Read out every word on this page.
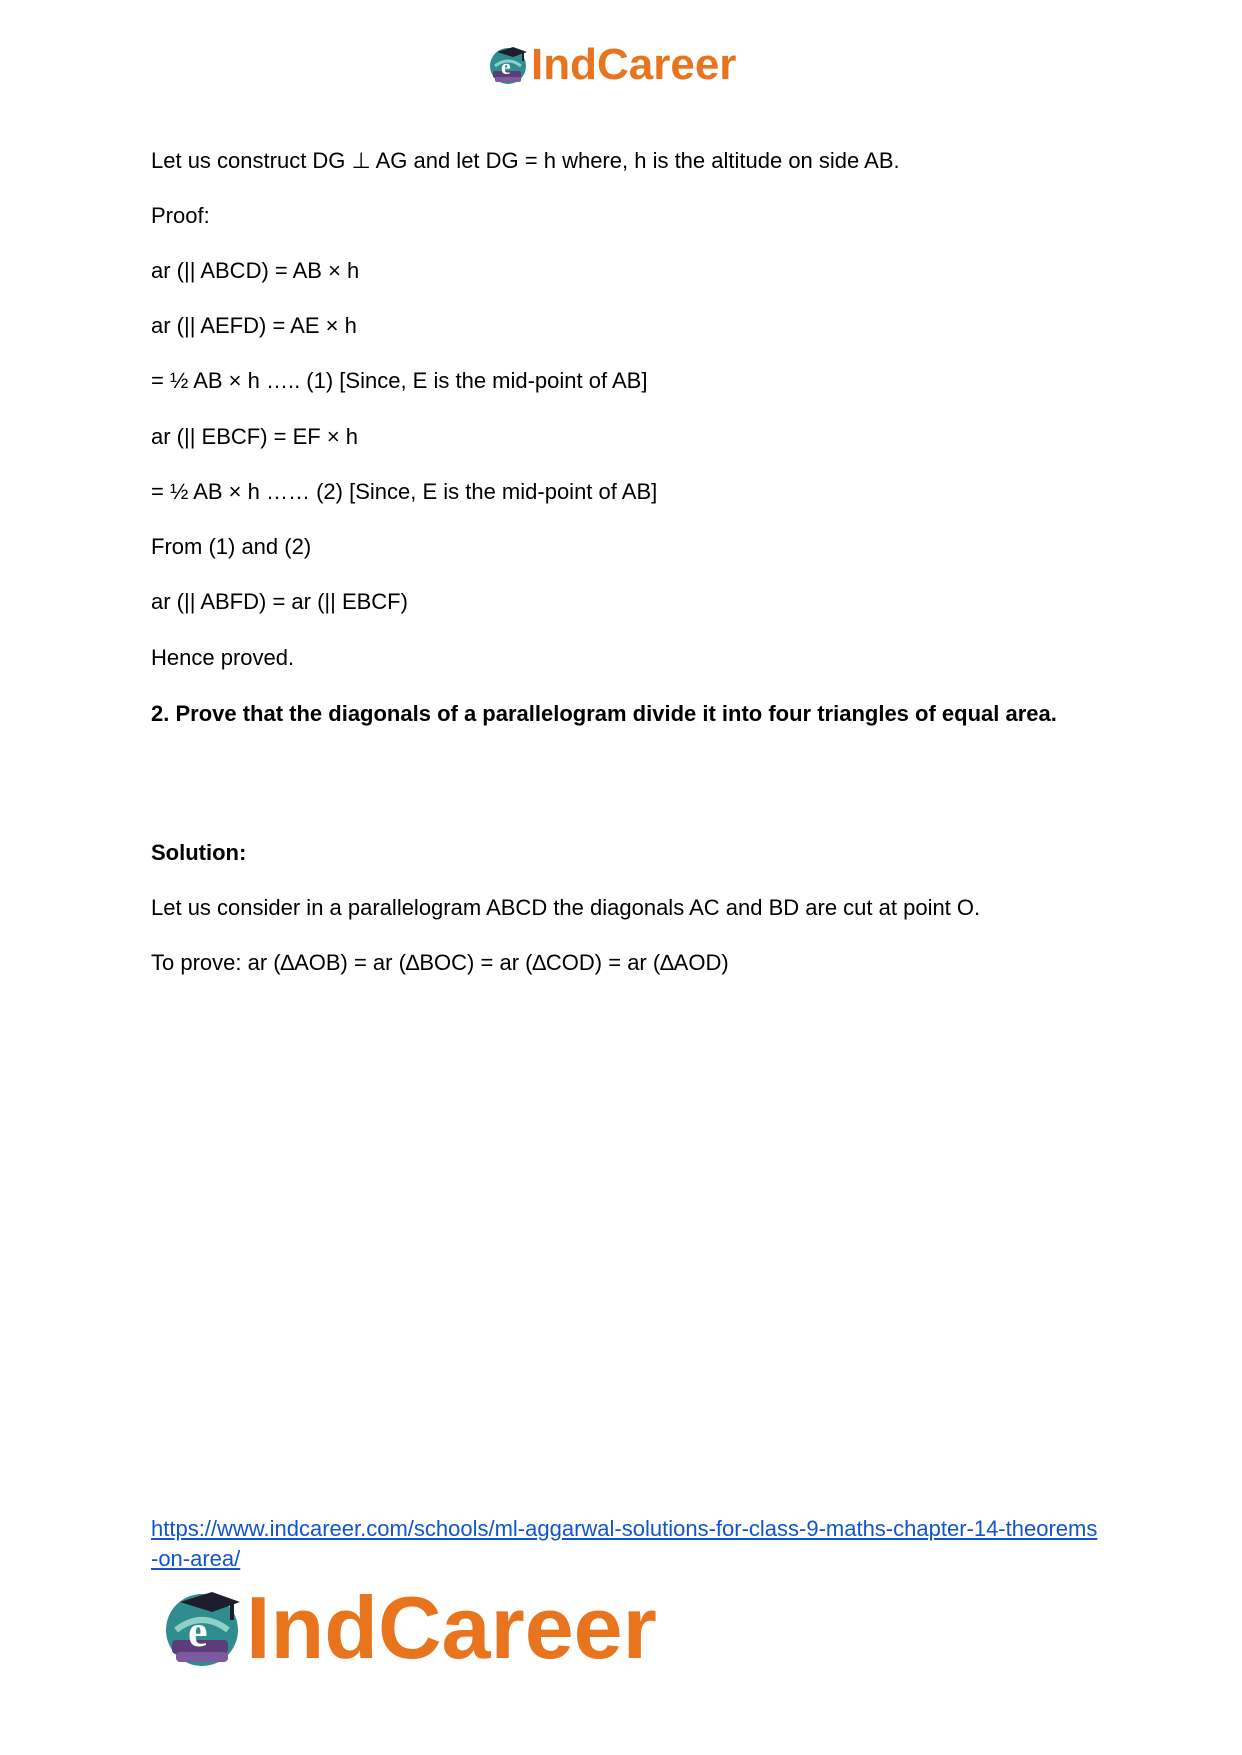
e IndCareer
Let us construct DG ⊥ AG and let DG = h where, h is the altitude on side AB.
Proof:
ar (|| ABCD) = AB × h
ar (|| AEFD) = AE × h
= ½ AB × h ….. (1) [Since, E is the mid-point of AB]
ar (|| EBCF) = EF × h
= ½ AB × h …… (2) [Since, E is the mid-point of AB]
From (1) and (2)
ar (|| ABFD) = ar (|| EBCF)
Hence proved.
2. Prove that the diagonals of a parallelogram divide it into four triangles of equal area.
Solution:
Let us consider in a parallelogram ABCD the diagonals AC and BD are cut at point O.
To prove: ar (∆AOB) = ar (∆BOC) = ar (∆COD) = ar (∆AOD)
https://www.indcareer.com/schools/ml-aggarwal-solutions-for-class-9-maths-chapter-14-theorems-on-area/
e IndCareer
